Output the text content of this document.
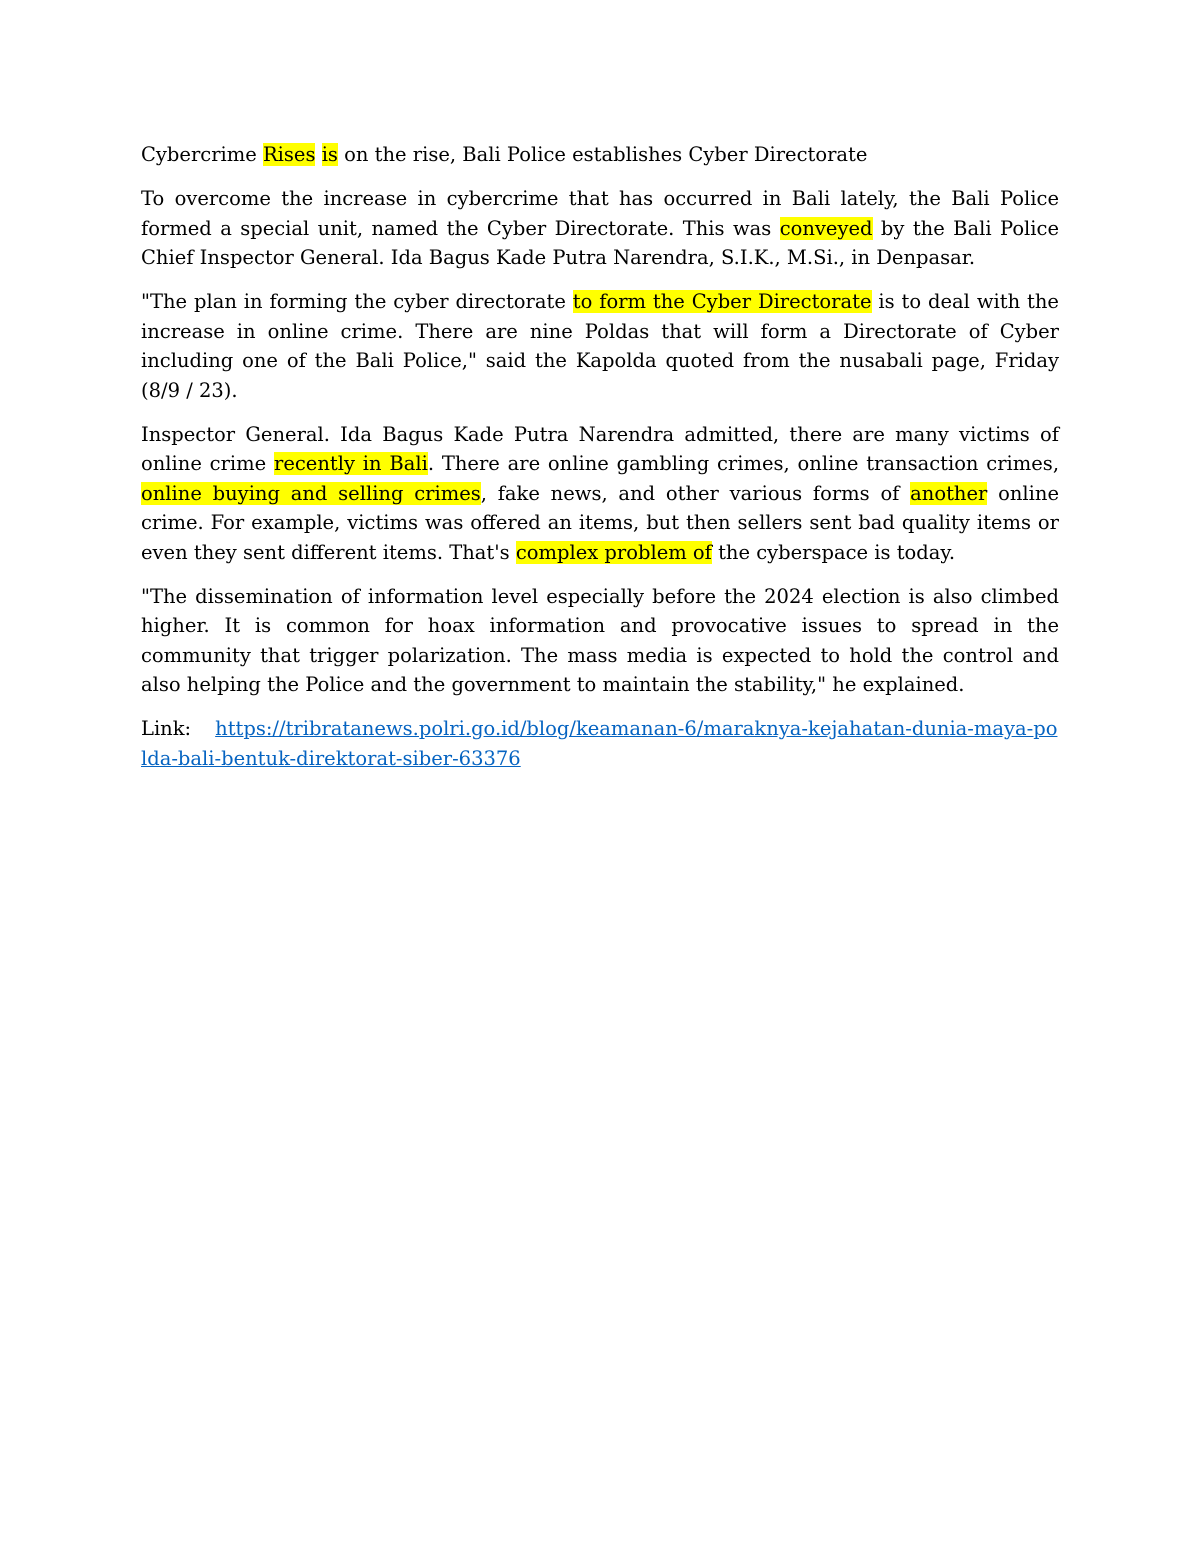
Cybercrime Rises is on the rise, Bali Police establishes Cyber Directorate

To overcome the increase in cybercrime that has occurred in Bali lately, the Bali Police formed a special unit, named the Cyber Directorate. This was conveyed by the Bali Police Chief Inspector General. Ida Bagus Kade Putra Narendra, S.I.K., M.Si., in Denpasar.

"The plan in forming the cyber directorate to form the Cyber Directorate is to deal with the increase in online crime. There are nine Poldas that will form a Directorate of Cyber including one of the Bali Police," said the Kapolda quoted from the nusabali page, Friday (8/9 / 23).

Inspector General. Ida Bagus Kade Putra Narendra admitted, there are many victims of online crime recently in Bali. There are online gambling crimes, online transaction crimes, online buying and selling crimes, fake news, and other various forms of another online crime. For example, victims was offered an items, but then sellers sent bad quality items or even they sent different items. That's complex problem of the cyberspace is today.

"The dissemination of information level especially before the 2024 election is also climbed higher. It is common for hoax information and provocative issues to spread in the community that trigger polarization. The mass media is expected to hold the control and also helping the Police and the government to maintain the stability," he explained.

Link: https://tribratanews.polri.go.id/blog/keamanan-6/maraknya-kejahatan-dunia-maya-polda-bali-bentuk-direktorat-siber-63376
